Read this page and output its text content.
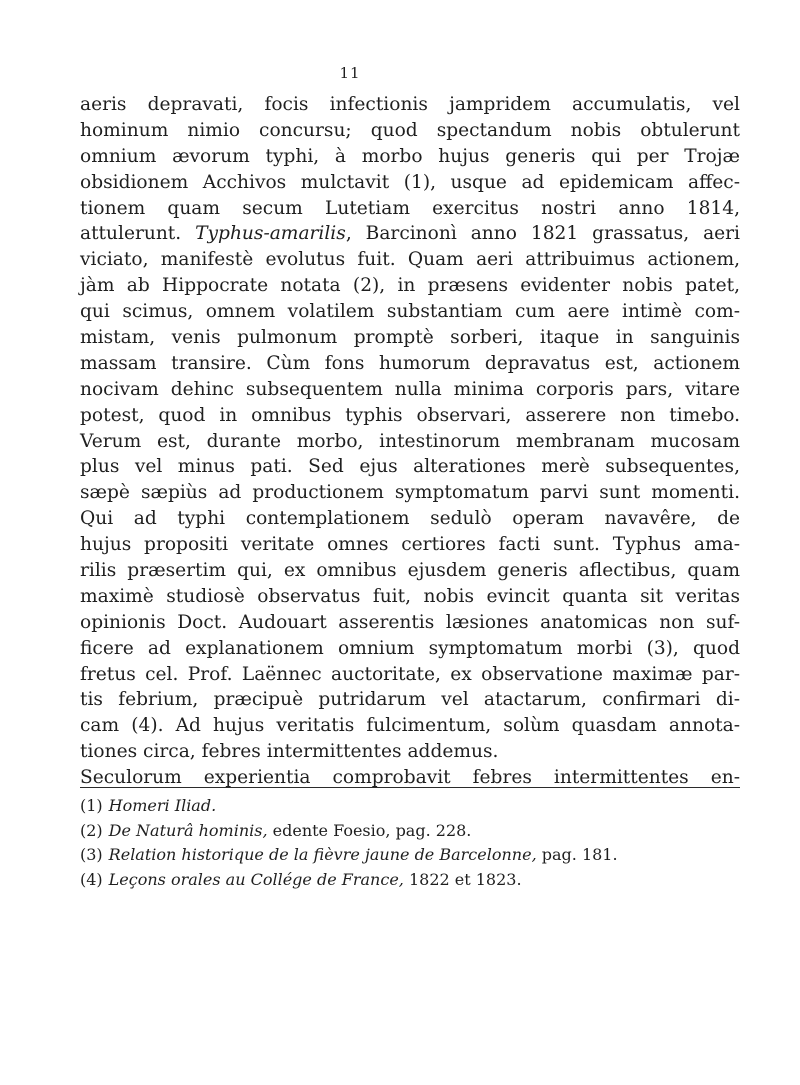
11
aeris depravati, focis infectionis jampridem accumulatis, vel
hominum nimio concursu; quod spectandum nobis obtulerunt
omnium ævorum typhi, à morbo hujus generis qui per Trojæ
obsidionem Acchivos mulctavit (1), usque ad epidemicam affec-
tionem quam secum Lutetiam exercitus nostri anno 1814,
attulerunt. Typhus-amarilis, Barcinonì anno 1821 grassatus, aeri
viciato, manifestè evolutus fuit. Quam aeri attribuimus actionem,
jàm ab Hippocrate notata (2), in præsens evidenter nobis patet,
qui scimus, omnem volatilem substantiam cum aere intimè com-
mistam, venis pulmonum promptè sorberi, itaque in sanguinis
massam transire. Cùm fons humorum depravatus est, actionem
nocivam dehinc subsequentem nulla minima corporis pars, vitare
potest, quod in omnibus typhis observari, asserere non timebo.
Verum est, durante morbo, intestinorum membranam mucosam
plus vel minus pati. Sed ejus alterationes merè subsequentes,
sæpè sæpiùs ad productionem symptomatum parvi sunt momenti.
Qui ad typhi contemplationem sedulò operam navavêre, de
hujus propositi veritate omnes certiores facti sunt. Typhus ama-
rilis præsertim qui, ex omnibus ejusdem generis aflectibus, quam
maximè studiosè observatus fuit, nobis evincit quanta sit veritas
opinionis Doct. Audouart asserentis læsiones anatomicas non suf-
ficere ad explanationem omnium symptomatum morbi (3), quod
fretus cel. Prof. Laënnec auctoritate, ex observatione maximæ par-
tis febrium, præcipuè putridarum vel atactarum, confirmari di-
cam (4). Ad hujus veritatis fulcimentum, solùm quasdam annota-
tiones circa, febres intermittentes addemus.
Seculorum experientia comprobavit febres intermittentes en-
(1) Homeri Iliad.
(2) De Naturâ hominis, edente Foesio, pag. 228.
(3) Relation historique de la fièvre jaune de Barcelonne, pag. 181.
(4) Leçons orales au Collége de France, 1822 et 1823.
